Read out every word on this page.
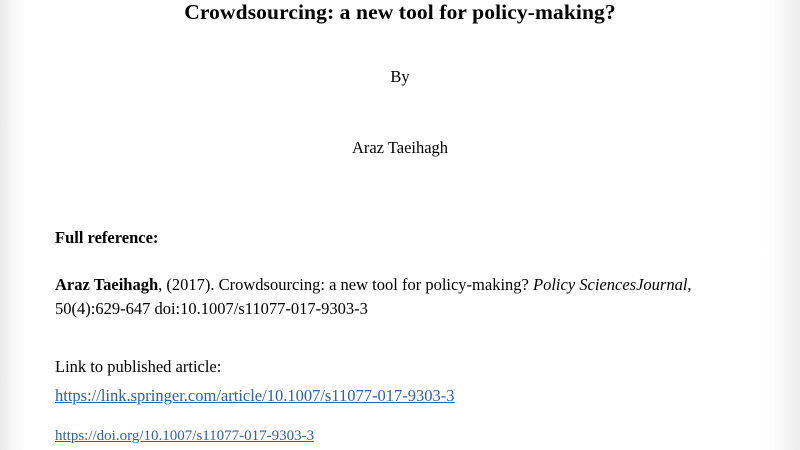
Crowdsourcing: a new tool for policy-making?
By
Araz Taeihagh
Full reference:
Araz Taeihagh, (2017). Crowdsourcing: a new tool for policy-making? Policy SciencesJournal, 50(4):629-647 doi:10.1007/s11077-017-9303-3
Link to published article:
https://link.springer.com/article/10.1007/s11077-017-9303-3
https://doi.org/10.1007/s11077-017-9303-3
